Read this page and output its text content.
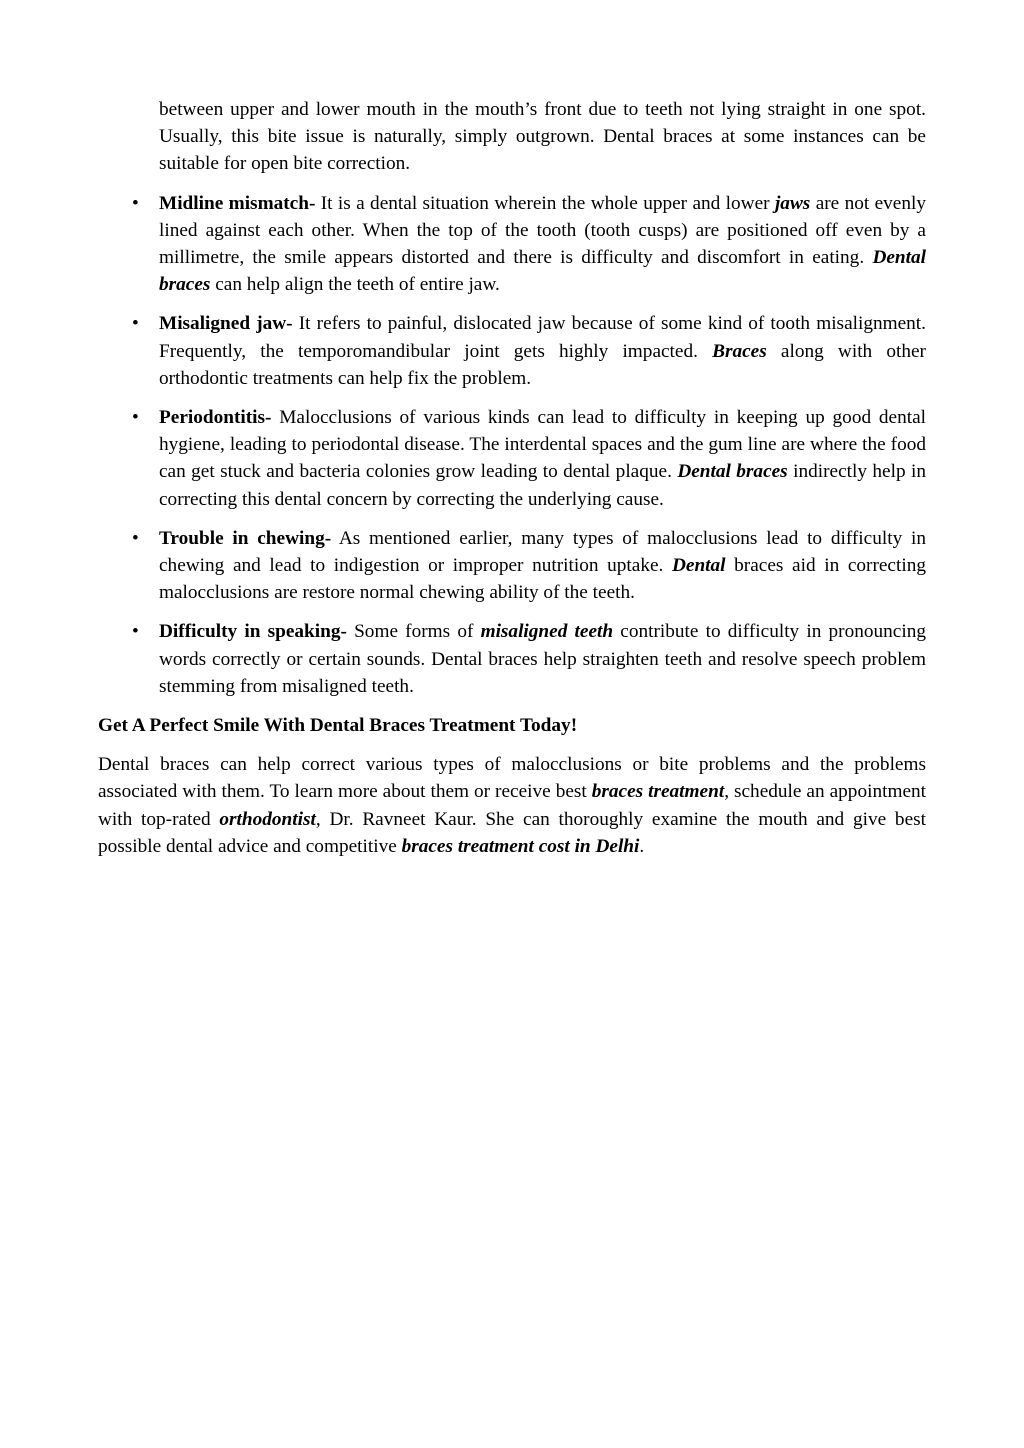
between upper and lower mouth in the mouth’s front due to teeth not lying straight in one spot. Usually, this bite issue is naturally, simply outgrown. Dental braces at some instances can be suitable for open bite correction.

• Midline mismatch- It is a dental situation wherein the whole upper and lower jaws are not evenly lined against each other. When the top of the tooth (tooth cusps) are positioned off even by a millimetre, the smile appears distorted and there is difficulty and discomfort in eating. Dental braces can help align the teeth of entire jaw.
• Misaligned jaw- It refers to painful, dislocated jaw because of some kind of tooth misalignment. Frequently, the temporomandibular joint gets highly impacted. Braces along with other orthodontic treatments can help fix the problem.
• Periodontitis- Malocclusions of various kinds can lead to difficulty in keeping up good dental hygiene, leading to periodontal disease. The interdental spaces and the gum line are where the food can get stuck and bacteria colonies grow leading to dental plaque. Dental braces indirectly help in correcting this dental concern by correcting the underlying cause.
• Trouble in chewing- As mentioned earlier, many types of malocclusions lead to difficulty in chewing and lead to indigestion or improper nutrition uptake. Dental braces aid in correcting malocclusions are restore normal chewing ability of the teeth.
• Difficulty in speaking- Some forms of misaligned teeth contribute to difficulty in pronouncing words correctly or certain sounds. Dental braces help straighten teeth and resolve speech problem stemming from misaligned teeth.

Get A Perfect Smile With Dental Braces Treatment Today!

Dental braces can help correct various types of malocclusions or bite problems and the problems associated with them. To learn more about them or receive best braces treatment, schedule an appointment with top-rated orthodontist, Dr. Ravneet Kaur. She can thoroughly examine the mouth and give best possible dental advice and competitive braces treatment cost in Delhi.
